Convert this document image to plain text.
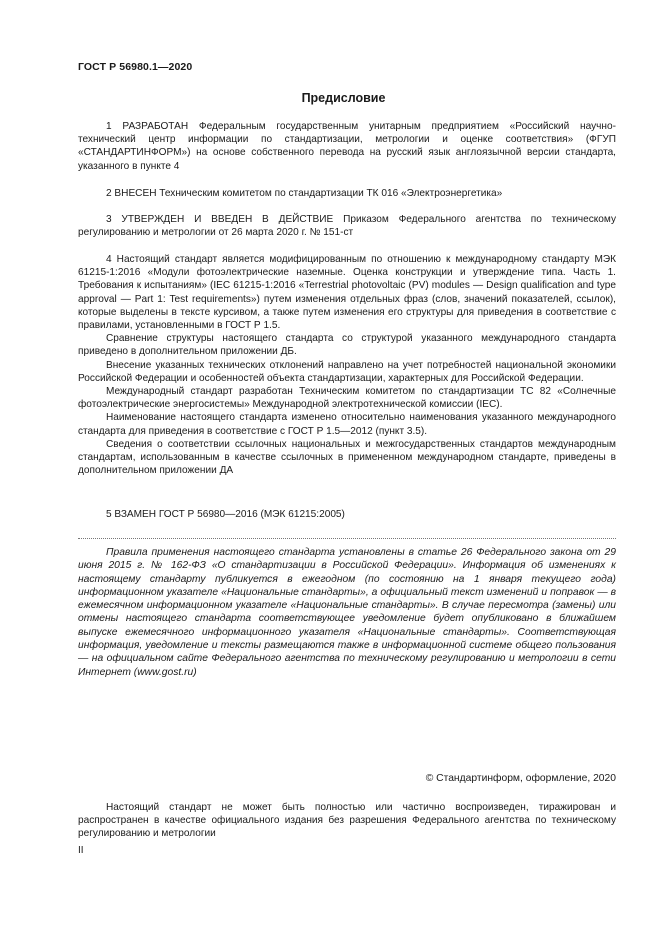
ГОСТ Р 56980.1—2020
Предисловие

1 РАЗРАБОТАН Федеральным государственным унитарным предприятием «Российский научно-технический центр информации по стандартизации, метрологии и оценке соответствия» (ФГУП «СТАНДАРТИНФОРМ») на основе собственного перевода на русский язык англоязычной версии стандарта, указанного в пункте 4

2 ВНЕСЕН Техническим комитетом по стандартизации ТК 016 «Электроэнергетика»

3 УТВЕРЖДЕН И ВВЕДЕН В ДЕЙСТВИЕ Приказом Федерального агентства по техническому регулированию и метрологии от 26 марта 2020 г. № 151-ст

4 Настоящий стандарт является модифицированным по отношению к международному стандарту МЭК 61215-1:2016 «Модули фотоэлектрические наземные. Оценка конструкции и утверждение типа. Часть 1. Требования к испытаниям» (IEC 61215-1:2016 «Terrestrial photovoltaic (PV) modules — Design qualification and type approval — Part 1: Test requirements») путем изменения отдельных фраз (слов, значений показателей, ссылок), которые выделены в тексте курсивом, а также путем изменения его структуры для приведения в соответствие с правилами, установленными в ГОСТ Р 1.5.

Сравнение структуры настоящего стандарта со структурой указанного международного стандарта приведено в дополнительном приложении ДБ.

Внесение указанных технических отклонений направлено на учет потребностей национальной экономики Российской Федерации и особенностей объекта стандартизации, характерных для Российской Федерации.

Международный стандарт разработан Техническим комитетом по стандартизации ТС 82 «Солнечные фотоэлектрические энергосистемы» Международной электротехнической комиссии (IEC).

Наименование настоящего стандарта изменено относительно наименования указанного международного стандарта для приведения в соответствие с ГОСТ Р 1.5—2012 (пункт 3.5).

Сведения о соответствии ссылочных национальных и межгосударственных стандартов международным стандартам, использованным в качестве ссылочных в примененном международном стандарте, приведены в дополнительном приложении ДА

5 ВЗАМЕН ГОСТ Р 56980—2016 (МЭК 61215:2005)

Правила применения настоящего стандарта установлены в статье 26 Федерального закона от 29 июня 2015 г. № 162-ФЗ «О стандартизации в Российской Федерации». Информация об изменениях к настоящему стандарту публикуется в ежегодном (по состоянию на 1 января текущего года) информационном указателе «Национальные стандарты», а официальный текст изменений и поправок — в ежемесячном информационном указателе «Национальные стандарты». В случае пересмотра (замены) или отмены настоящего стандарта соответствующее уведомление будет опубликовано в ближайшем выпуске ежемесячного информационного указателя «Национальные стандарты». Соответствующая информация, уведомление и тексты размещаются также в информационной системе общего пользования — на официальном сайте Федерального агентства по техническому регулированию и метрологии в сети Интернет (www.gost.ru)

© Стандартинформ, оформление, 2020

Настоящий стандарт не может быть полностью или частично воспроизведен, тиражирован и распространен в качестве официального издания без разрешения Федерального агентства по техническому регулированию и метрологии

II
